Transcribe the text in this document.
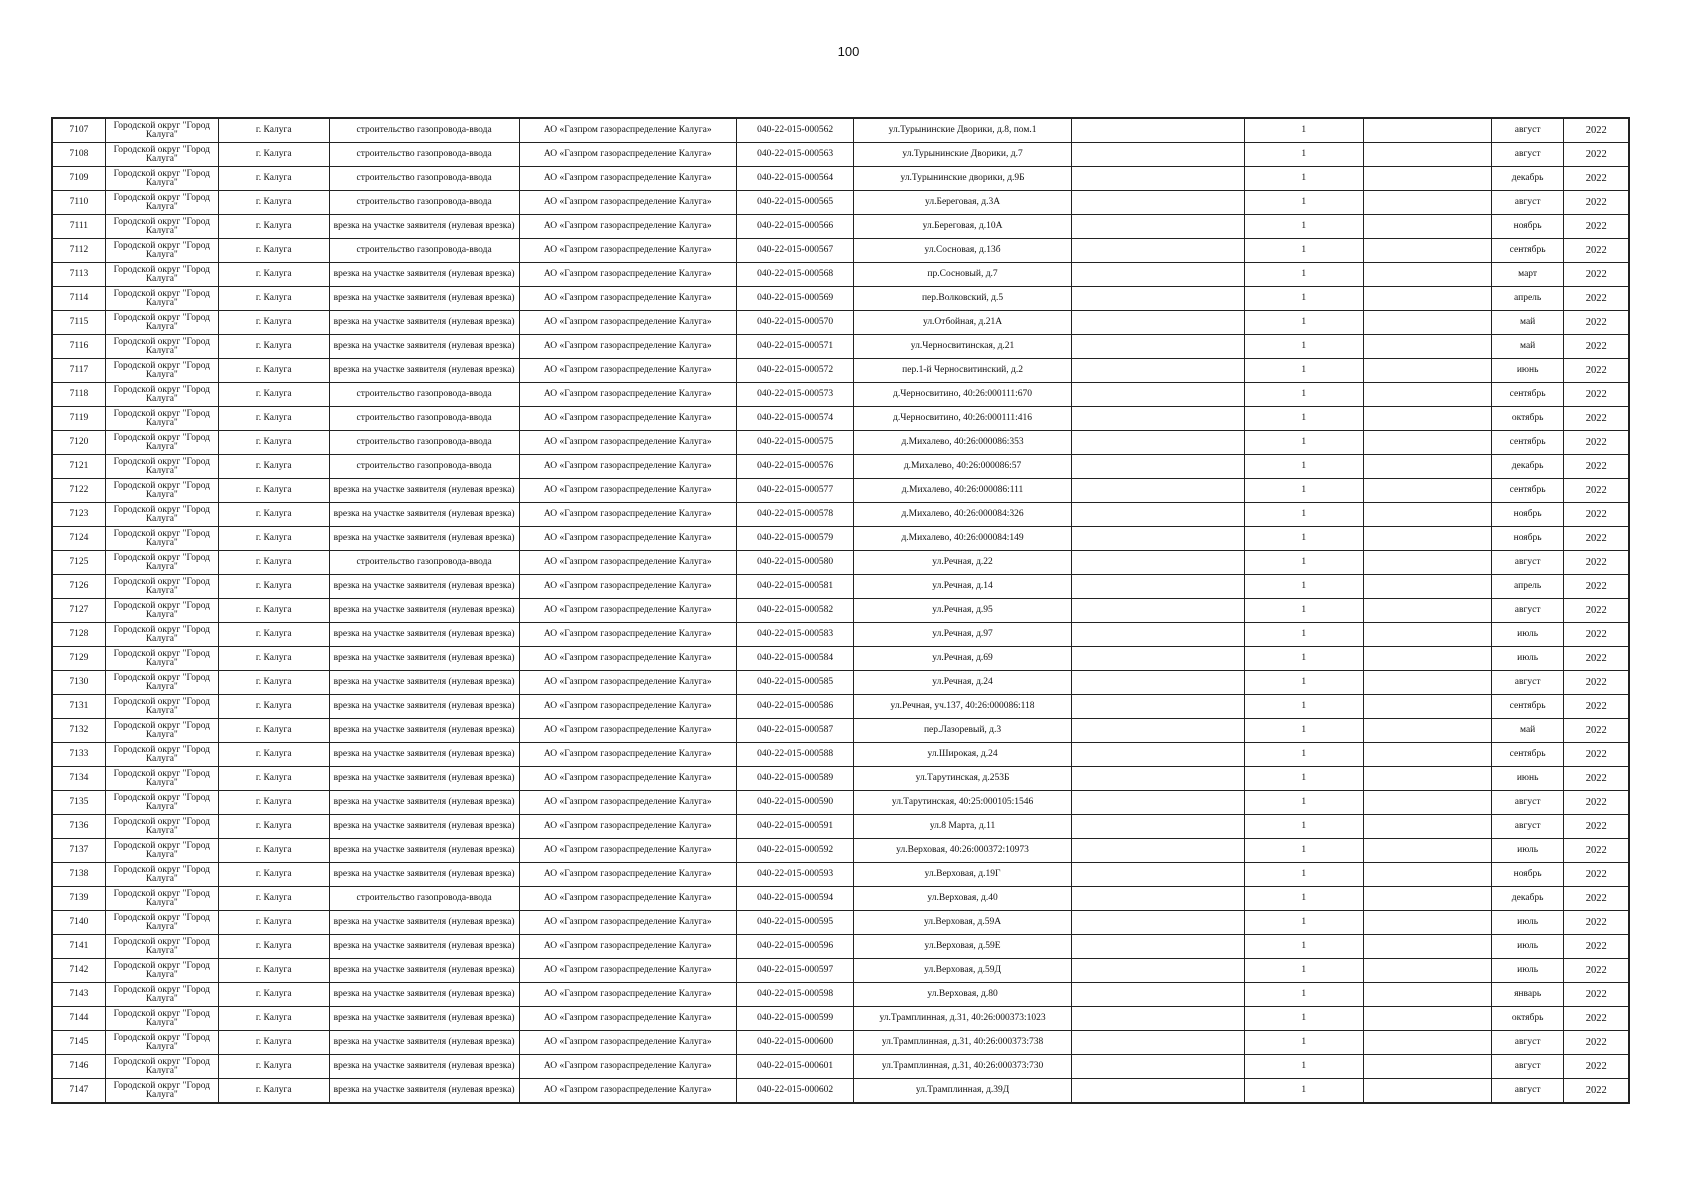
100
7107	Городской округ "Город Калуга"	г. Калуга	строительство газопровода-ввода	АО «Газпром газораспределение Калуга»	040-22-015-000562	ул.Турынинские Дворики, д.8, пом.1		1		август	2022
7108	Городской округ "Город Калуга"	г. Калуга	строительство газопровода-ввода	АО «Газпром газораспределение Калуга»	040-22-015-000563	ул.Турынинские Дворики, д.7		1		август	2022
7109	Городской округ "Город Калуга"	г. Калуга	строительство газопровода-ввода	АО «Газпром газораспределение Калуга»	040-22-015-000564	ул.Турынинские дворики, д.9Б		1		декабрь	2022
7110	Городской округ "Город Калуга"	г. Калуга	строительство газопровода-ввода	АО «Газпром газораспределение Калуга»	040-22-015-000565	ул.Береговая, д.3А		1		август	2022
7111	Городской округ "Город Калуга"	г. Калуга	врезка на участке заявителя (нулевая врезка)	АО «Газпром газораспределение Калуга»	040-22-015-000566	ул.Береговая, д.10А		1		ноябрь	2022
7112	Городской округ "Город Калуга"	г. Калуга	строительство газопровода-ввода	АО «Газпром газораспределение Калуга»	040-22-015-000567	ул.Сосновая, д.13б		1		сентябрь	2022
7113	Городской округ "Город Калуга"	г. Калуга	врезка на участке заявителя (нулевая врезка)	АО «Газпром газораспределение Калуга»	040-22-015-000568	пр.Сосновый, д.7		1		март	2022
7114	Городской округ "Город Калуга"	г. Калуга	врезка на участке заявителя (нулевая врезка)	АО «Газпром газораспределение Калуга»	040-22-015-000569	пер.Волковский, д.5		1		апрель	2022
7115	Городской округ "Город Калуга"	г. Калуга	врезка на участке заявителя (нулевая врезка)	АО «Газпром газораспределение Калуга»	040-22-015-000570	ул.Отбойная, д.21А		1		май	2022
7116	Городской округ "Город Калуга"	г. Калуга	врезка на участке заявителя (нулевая врезка)	АО «Газпром газораспределение Калуга»	040-22-015-000571	ул.Черносвитинская, д.21		1		май	2022
7117	Городской округ "Город Калуга"	г. Калуга	врезка на участке заявителя (нулевая врезка)	АО «Газпром газораспределение Калуга»	040-22-015-000572	пер.1-й Черносвитинский, д.2		1		июнь	2022
7118	Городской округ "Город Калуга"	г. Калуга	строительство газопровода-ввода	АО «Газпром газораспределение Калуга»	040-22-015-000573	д.Черносвитино, 40:26:000111:670		1		сентябрь	2022
7119	Городской округ "Город Калуга"	г. Калуга	строительство газопровода-ввода	АО «Газпром газораспределение Калуга»	040-22-015-000574	д.Черносвитино, 40:26:000111:416		1		октябрь	2022
7120	Городской округ "Город Калуга"	г. Калуга	строительство газопровода-ввода	АО «Газпром газораспределение Калуга»	040-22-015-000575	д.Михалево, 40:26:000086:353		1		сентябрь	2022
7121	Городской округ "Город Калуга"	г. Калуга	строительство газопровода-ввода	АО «Газпром газораспределение Калуга»	040-22-015-000576	д.Михалево, 40:26:000086:57		1		декабрь	2022
7122	Городской округ "Город Калуга"	г. Калуга	врезка на участке заявителя (нулевая врезка)	АО «Газпром газораспределение Калуга»	040-22-015-000577	д.Михалево, 40:26:000086:111		1		сентябрь	2022
7123	Городской округ "Город Калуга"	г. Калуга	врезка на участке заявителя (нулевая врезка)	АО «Газпром газораспределение Калуга»	040-22-015-000578	д.Михалево, 40:26:000084:326		1		ноябрь	2022
7124	Городской округ "Город Калуга"	г. Калуга	врезка на участке заявителя (нулевая врезка)	АО «Газпром газораспределение Калуга»	040-22-015-000579	д.Михалево, 40:26:000084:149		1		ноябрь	2022
7125	Городской округ "Город Калуга"	г. Калуга	строительство газопровода-ввода	АО «Газпром газораспределение Калуга»	040-22-015-000580	ул.Речная, д.22		1		август	2022
7126	Городской округ "Город Калуга"	г. Калуга	врезка на участке заявителя (нулевая врезка)	АО «Газпром газораспределение Калуга»	040-22-015-000581	ул.Речная, д.14		1		апрель	2022
7127	Городской округ "Город Калуга"	г. Калуга	врезка на участке заявителя (нулевая врезка)	АО «Газпром газораспределение Калуга»	040-22-015-000582	ул.Речная, д.95		1		август	2022
7128	Городской округ "Город Калуга"	г. Калуга	врезка на участке заявителя (нулевая врезка)	АО «Газпром газораспределение Калуга»	040-22-015-000583	ул.Речная, д.97		1		июль	2022
7129	Городской округ "Город Калуга"	г. Калуга	врезка на участке заявителя (нулевая врезка)	АО «Газпром газораспределение Калуга»	040-22-015-000584	ул.Речная, д.69		1		июль	2022
7130	Городской округ "Город Калуга"	г. Калуга	врезка на участке заявителя (нулевая врезка)	АО «Газпром газораспределение Калуга»	040-22-015-000585	ул.Речная, д.24		1		август	2022
7131	Городской округ "Город Калуга"	г. Калуга	врезка на участке заявителя (нулевая врезка)	АО «Газпром газораспределение Калуга»	040-22-015-000586	ул.Речная, уч.137, 40:26:000086:118		1		сентябрь	2022
7132	Городской округ "Город Калуга"	г. Калуга	врезка на участке заявителя (нулевая врезка)	АО «Газпром газораспределение Калуга»	040-22-015-000587	пер.Лазоревый, д.3		1		май	2022
7133	Городской округ "Город Калуга"	г. Калуга	врезка на участке заявителя (нулевая врезка)	АО «Газпром газораспределение Калуга»	040-22-015-000588	ул.Широкая, д.24		1		сентябрь	2022
7134	Городской округ "Город Калуга"	г. Калуга	врезка на участке заявителя (нулевая врезка)	АО «Газпром газораспределение Калуга»	040-22-015-000589	ул.Тарутинская, д.253Б		1		июнь	2022
7135	Городской округ "Город Калуга"	г. Калуга	врезка на участке заявителя (нулевая врезка)	АО «Газпром газораспределение Калуга»	040-22-015-000590	ул.Тарутинская, 40:25:000105:1546		1		август	2022
7136	Городской округ "Город Калуга"	г. Калуга	врезка на участке заявителя (нулевая врезка)	АО «Газпром газораспределение Калуга»	040-22-015-000591	ул.8 Марта, д.11		1		август	2022
7137	Городской округ "Город Калуга"	г. Калуга	врезка на участке заявителя (нулевая врезка)	АО «Газпром газораспределение Калуга»	040-22-015-000592	ул.Верховая, 40:26:000372:10973		1		июль	2022
7138	Городской округ "Город Калуга"	г. Калуга	врезка на участке заявителя (нулевая врезка)	АО «Газпром газораспределение Калуга»	040-22-015-000593	ул.Верховая, д.19Г		1		ноябрь	2022
7139	Городской округ "Город Калуга"	г. Калуга	строительство газопровода-ввода	АО «Газпром газораспределение Калуга»	040-22-015-000594	ул.Верховая, д.40		1		декабрь	2022
7140	Городской округ "Город Калуга"	г. Калуга	врезка на участке заявителя (нулевая врезка)	АО «Газпром газораспределение Калуга»	040-22-015-000595	ул.Верховая, д.59А		1		июль	2022
7141	Городской округ "Город Калуга"	г. Калуга	врезка на участке заявителя (нулевая врезка)	АО «Газпром газораспределение Калуга»	040-22-015-000596	ул.Верховая, д.59Е		1		июль	2022
7142	Городской округ "Город Калуга"	г. Калуга	врезка на участке заявителя (нулевая врезка)	АО «Газпром газораспределение Калуга»	040-22-015-000597	ул.Верховая, д.59Д		1		июль	2022
7143	Городской округ "Город Калуга"	г. Калуга	врезка на участке заявителя (нулевая врезка)	АО «Газпром газораспределение Калуга»	040-22-015-000598	ул.Верховая, д.80		1		январь	2022
7144	Городской округ "Город Калуга"	г. Калуга	врезка на участке заявителя (нулевая врезка)	АО «Газпром газораспределение Калуга»	040-22-015-000599	ул.Трамплинная, д.31, 40:26:000373:1023		1		октябрь	2022
7145	Городской округ "Город Калуга"	г. Калуга	врезка на участке заявителя (нулевая врезка)	АО «Газпром газораспределение Калуга»	040-22-015-000600	ул.Трамплинная, д.31, 40:26:000373:738		1		август	2022
7146	Городской округ "Город Калуга"	г. Калуга	врезка на участке заявителя (нулевая врезка)	АО «Газпром газораспределение Калуга»	040-22-015-000601	ул.Трамплинная, д.31, 40:26:000373:730		1		август	2022
7147	Городской округ "Город Калуга"	г. Калуга	врезка на участке заявителя (нулевая врезка)	АО «Газпром газораспределение Калуга»	040-22-015-000602	ул.Трамплинная, д.39Д		1		август	2022
